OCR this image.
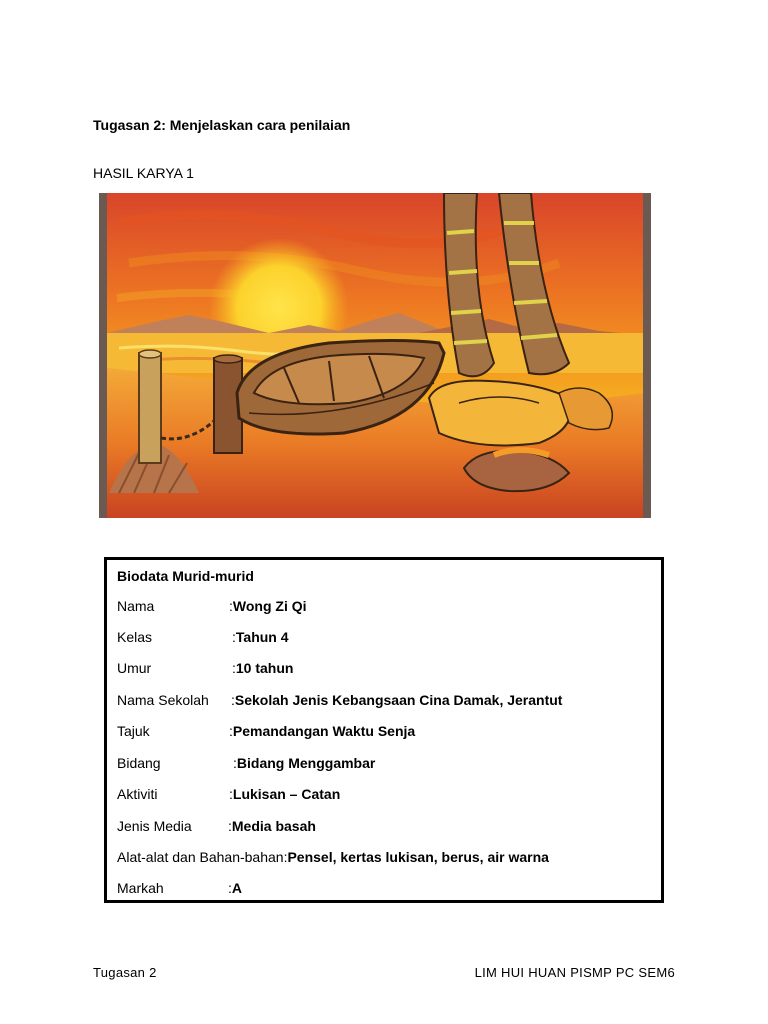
Tugasan 2: Menjelaskan cara penilaian
HASIL KARYA 1
Biodata Murid-murid
Nama	:Wong Zi Qi
Kelas	:Tahun 4
Umur	:10 tahun
Nama Sekolah :Sekolah Jenis Kebangsaan Cina Damak, Jerantut
Tajuk	:Pemandangan Waktu Senja
Bidang	:Bidang Menggambar
Aktiviti	:Lukisan – Catan
Jenis Media	:Media basah
Alat-alat dan Bahan-bahan:Pensel, kertas lukisan, berus, air warna
Markah	:A
Tugasan 2	LIM HUI HUAN PISMP PC SEM6
